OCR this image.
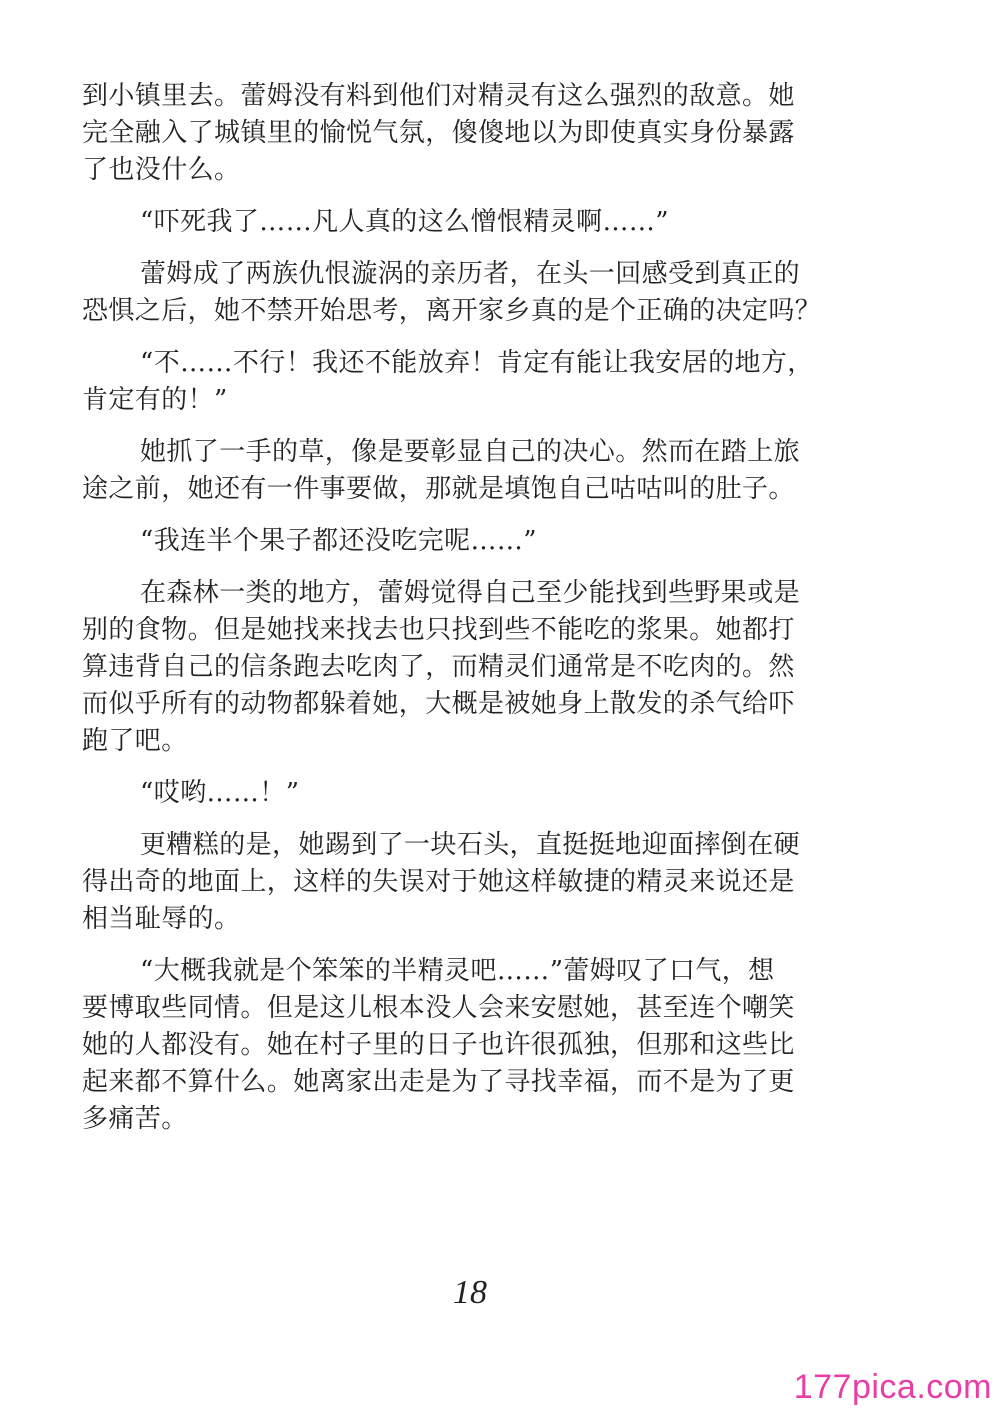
到小镇里去。蕾姆没有料到他们对精灵有这么强烈的敌意。她
完全融入了城镇里的愉悦气氛，傻傻地以为即使真实身份暴露
了也没什么。

“吓死我了……凡人真的这么憎恨精灵啊……”

蕾姆成了两族仇恨漩涡的亲历者，在头一回感受到真正的
恐惧之后，她不禁开始思考，离开家乡真的是个正确的决定吗？

“不……不行！我还不能放弃！肯定有能让我安居的地方，
肯定有的！”

她抓了一手的草，像是要彰显自己的决心。然而在踏上旅
途之前，她还有一件事要做，那就是填饱自己咕咕叫的肚子。

“我连半个果子都还没吃完呢……”

在森林一类的地方，蕾姆觉得自己至少能找到些野果或是
别的食物。但是她找来找去也只找到些不能吃的浆果。她都打
算违背自己的信条跑去吃肉了，而精灵们通常是不吃肉的。然
而似乎所有的动物都躲着她，大概是被她身上散发的杀气给吓
跑了吧。

“哎哟……！”

更糟糕的是，她踢到了一块石头，直挺挺地迎面摔倒在硬
得出奇的地面上，这样的失误对于她这样敏捷的精灵来说还是
相当耻辱的。

“大概我就是个笨笨的半精灵吧……”蕾姆叹了口气，想
要博取些同情。但是这儿根本没人会来安慰她，甚至连个嘲笑
她的人都没有。她在村子里的日子也许很孤独，但那和这些比
起来都不算什么。她离家出走是为了寻找幸福，而不是为了更
多痛苦。

18
177pica.com
